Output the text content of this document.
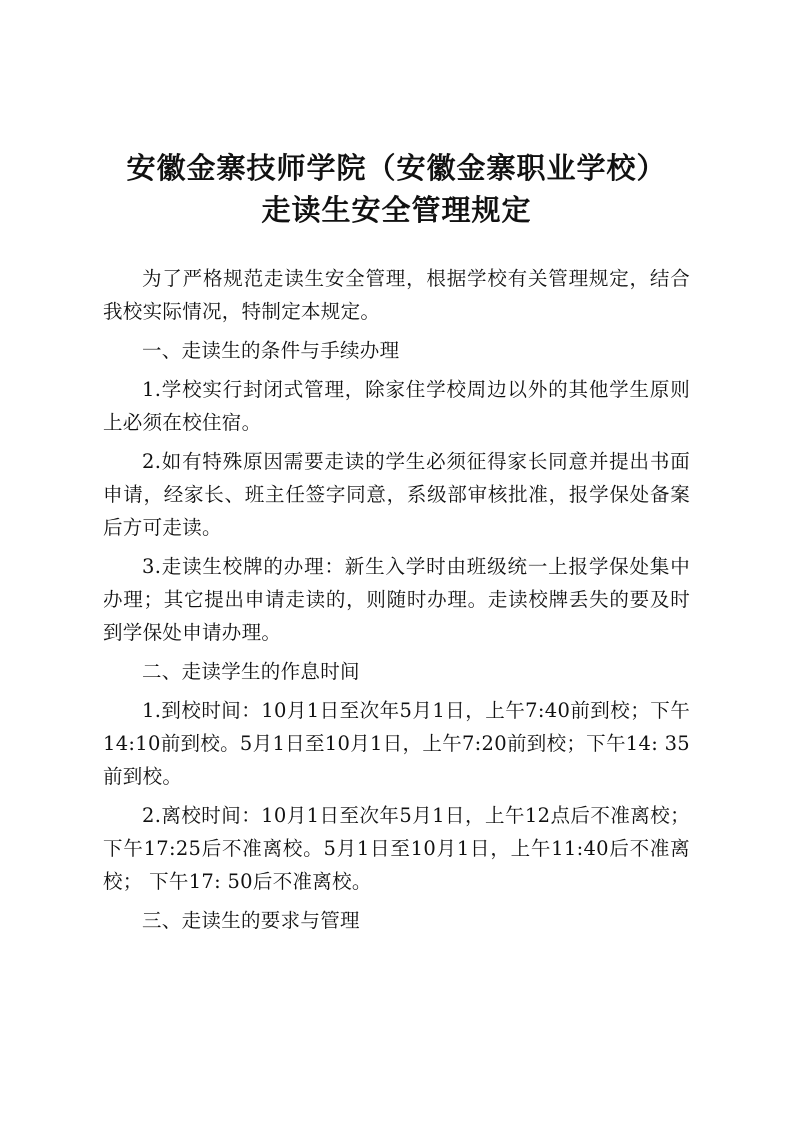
安徽金寨技师学院（安徽金寨职业学校）
走读生安全管理规定

为了严格规范走读生安全管理，根据学校有关管理规定，结合我校实际情况，特制定本规定。

一、走读生的条件与手续办理

1.学校实行封闭式管理，除家住学校周边以外的其他学生原则上必须在校住宿。

2.如有特殊原因需要走读的学生必须征得家长同意并提出书面申请，经家长、班主任签字同意，系级部审核批准，报学保处备案后方可走读。

3.走读生校牌的办理：新生入学时由班级统一上报学保处集中办理；其它提出申请走读的，则随时办理。走读校牌丢失的要及时到学保处申请办理。

二、走读学生的作息时间

1.到校时间：10月1日至次年5月1日，上午7:40前到校；下午14:10前到校。5月1日至10月1日，上午7:20前到校；下午14: 35前到校。

2.离校时间：10月1日至次年5月1日，上午12点后不准离校；下午17:25后不准离校。5月1日至10月1日，上午11:40后不准离校； 下午17: 50后不准离校。

三、走读生的要求与管理
